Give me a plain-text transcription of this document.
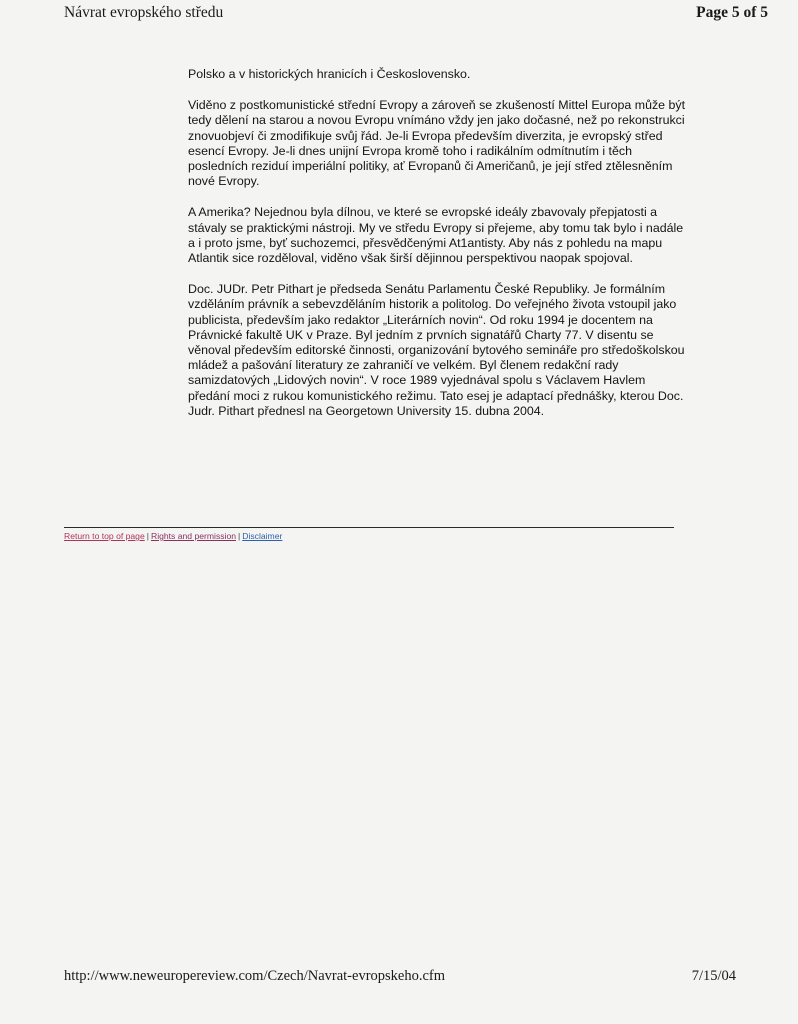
Návrat evropského středu	Page 5 of 5

Polsko a v historických hranicích i Československo.

Viděno z postkomunistické střední Evropy a zároveň se zkušeností Mittel Europa může být tedy dělení na starou a novou Evropu vnímáno vždy jen jako dočasné, než po rekonstrukci znovuobjeví či zmodifikuje svůj řád. Je-li Evropa především diverzita, je evropský střed esencí Evropy. Je-li dnes unijní Evropa kromě toho i radikálním odmítnutím i těch posledních reziduí imperiální politiky, ať Evropanů či Američanů, je její střed ztělesněním nové Evropy.

A Amerika? Nejednou byla dílnou, ve které se evropské ideály zbavovaly přepjatosti a stávaly se praktickými nástroji. My ve středu Evropy si přejeme, aby tomu tak bylo i nadále a i proto jsme, byť suchozemci, přesvědčenými At1antisty. Aby nás z pohledu na mapu Atlantik sice rozděloval, viděno však širší dějinnou perspektivou naopak spojoval.

Doc. JUDr. Petr Pithart je předseda Senátu Parlamentu České Republiky. Je formálním vzděláním právník a sebevzděláním historik a politolog. Do veřejného života vstoupil jako publicista, především jako redaktor „Literárních novin“. Od roku 1994 je docentem na Právnické fakultě UK v Praze. Byl jedním z prvních signatářů Charty 77. V disentu se věnoval především editorské činnosti, organizování bytového semináře pro středoškolskou mládež a pašování literatury ze zahraničí ve velkém. Byl členem redakční rady samizdatových „Lidových novin“. V roce 1989 vyjednával spolu s Václavem Havlem předání moci z rukou komunistického režimu. Tato esej je adaptací přednášky, kterou Doc. Judr. Pithart přednesl na Georgetown University 15. dubna 2004.

Return to top of page | Rights and permission | Disclaimer
http://www.neweuropereview.com/Czech/Navrat-evropskeho.cfm	7/15/04
